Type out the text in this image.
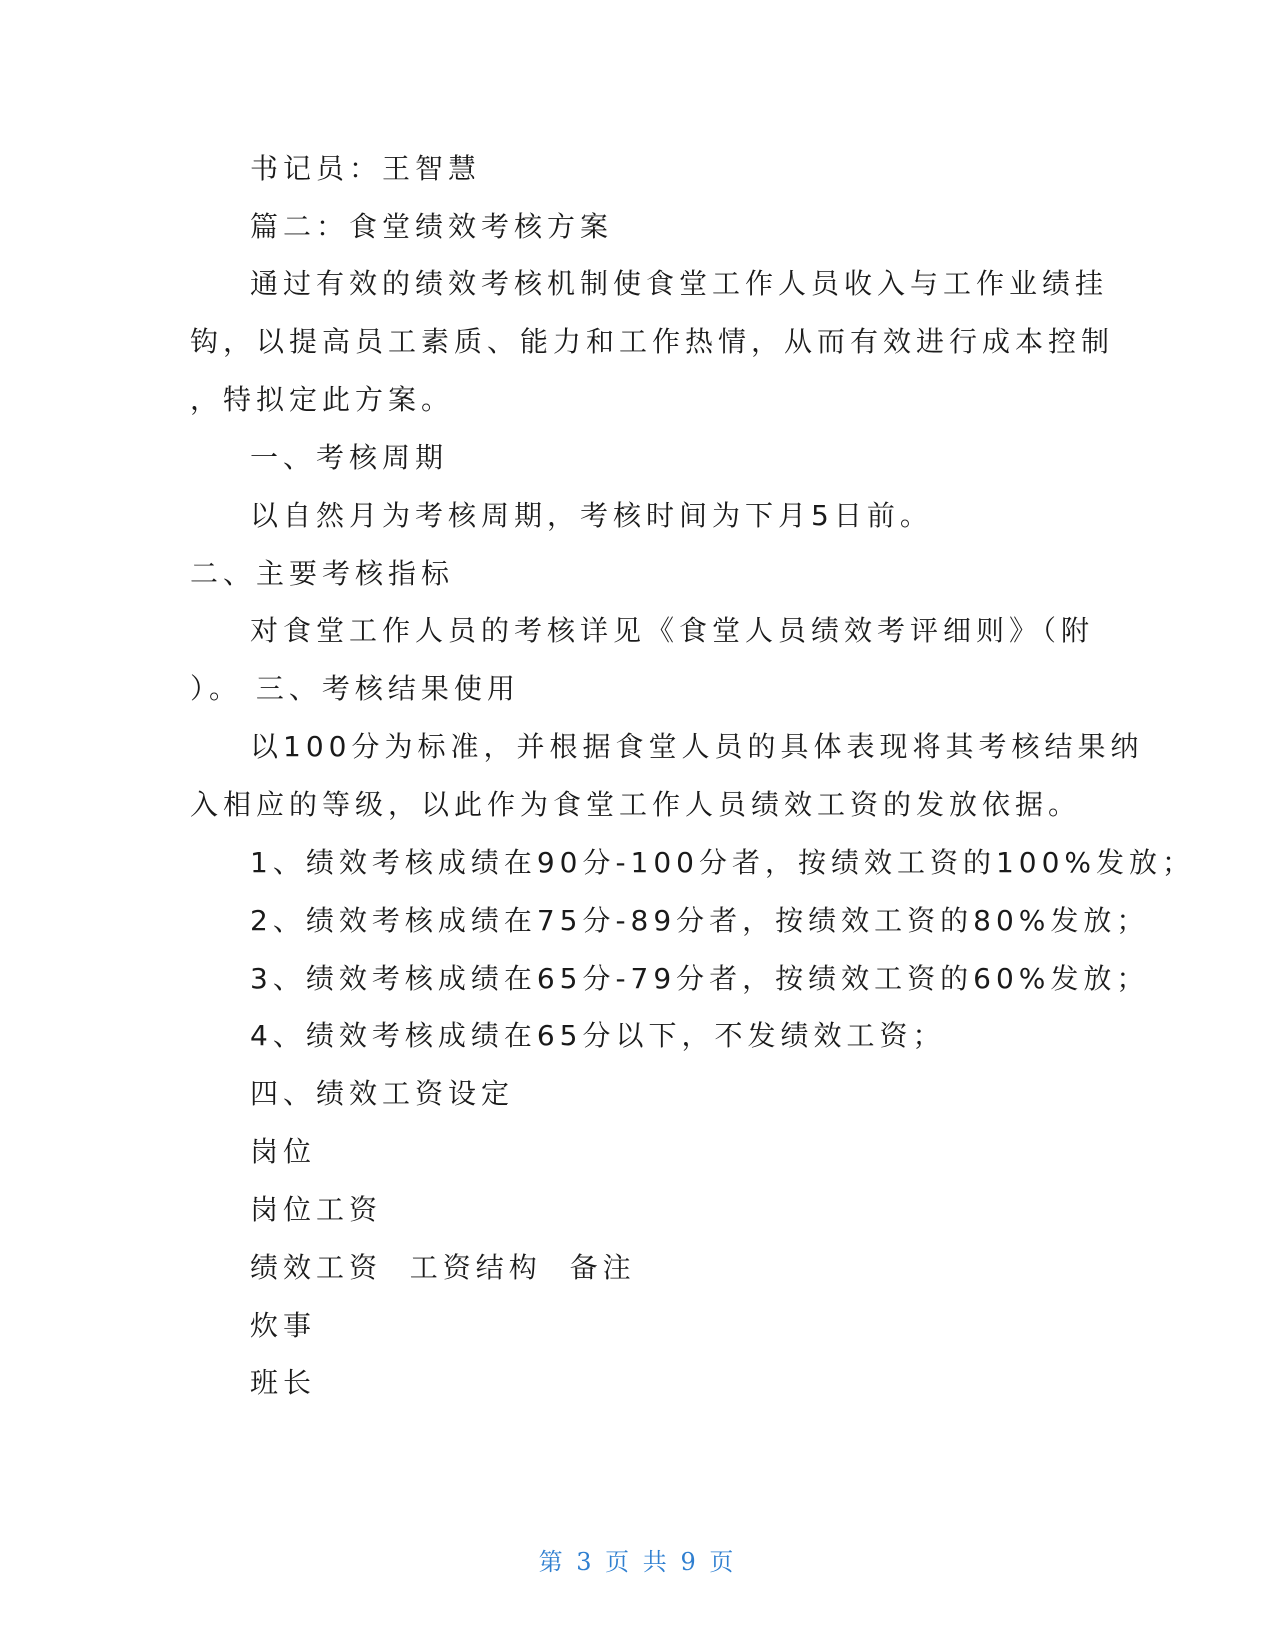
书记员：王智慧
篇二：食堂绩效考核方案
通过有效的绩效考核机制使食堂工作人员收入与工作业绩挂
钩，以提高员工素质、能力和工作热情，从而有效进行成本控制
，特拟定此方案。
一、考核周期
以自然月为考核周期，考核时间为下月5日前。
二、主要考核指标
对食堂工作人员的考核详见《食堂人员绩效考评细则》（附
）。 三、考核结果使用
以100分为标准，并根据食堂人员的具体表现将其考核结果纳
入相应的等级，以此作为食堂工作人员绩效工资的发放依据。
1、绩效考核成绩在90分-100分者，按绩效工资的100%发放；
2、绩效考核成绩在75分-89分者，按绩效工资的80%发放；
3、绩效考核成绩在65分-79分者，按绩效工资的60%发放；
4、绩效考核成绩在65分以下，不发绩效工资；
四、绩效工资设定
岗位
岗位工资
绩效工资  工资结构  备注
炊事
班长
第 3 页 共 9 页
